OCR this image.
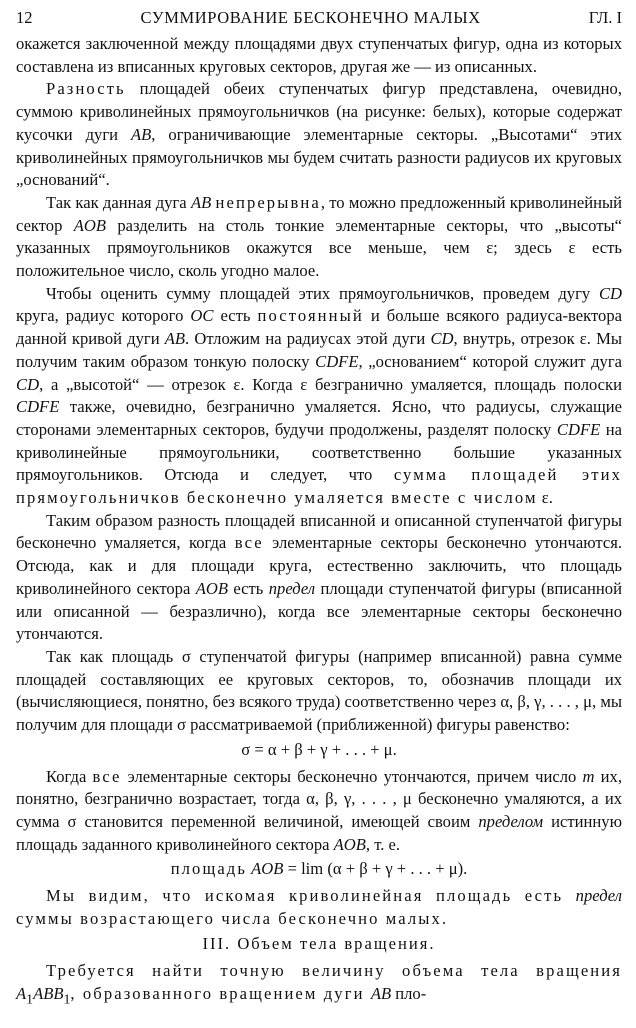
12	СУММИРОВАНИЕ БЕСКОНЕЧНО МАЛЫХ	ГЛ. I

окажется заключенной между площадями двух ступенчатых фигур, одна из которых составлена из вписанных круговых секторов, другая же — из описанных.

Разность площадей обеих ступенчатых фигур представлена, очевидно, суммою криволинейных прямоугольничков (на рисунке: белых), которые содержат кусочки дуги AB, ограничивающие элементарные секторы. „Высотами“ этих криволинейных прямоугольничков мы будем считать разности радиусов их круговых „оснований“.

Так как данная дуга AB непрерывна, то можно предложенный криволинейный сектор AOB разделить на столь тонкие элементарные секторы, что „высоты“ указанных прямоугольников окажутся все меньше, чем ε; здесь ε есть положительное число, сколь угодно малое.

Чтобы оценить сумму площадей этих прямоугольничков, проведем дугу CD круга, радиус которого OC есть постоянный и больше всякого радиуса-вектора данной кривой дуги AB. Отложим на радиусах этой дуги CD, внутрь, отрезок ε. Мы получим таким образом тонкую полоску CDFE, „основанием“ которой служит дуга CD, а „высотой“ — отрезок ε. Когда ε безгранично умаляется, площадь полоски CDFE также, очевидно, безгранично умаляется. Ясно, что радиусы, служащие сторонами элементарных секторов, будучи продолжены, разделят полоску CDFE на криволинейные прямоугольники, соответственно большие указанных прямоугольников. Отсюда и следует, что сумма площадей этих прямоугольничков бесконечно умаляется вместе с числом ε.

Таким образом разность площадей вписанной и описанной ступенчатой фигуры бесконечно умаляется, когда все элементарные секторы бесконечно утончаются. Отсюда, как и для площади круга, естественно заключить, что площадь криволинейного сектора AOB есть предел площади ступенчатой фигуры (вписанной или описанной — безразлично), когда все элементарные секторы бесконечно утончаются.

Так как площадь σ ступенчатой фигуры (например вписанной) равна сумме площадей составляющих ее круговых секторов, то, обозначив площади их (вычисляющиеся, понятно, без всякого труда) соответственно через α, β, γ, . . . , μ, мы получим для площади σ рассматриваемой (приближенной) фигуры равенство:

σ = α + β + γ + . . . + μ.

Когда все элементарные секторы бесконечно утончаются, причем число m их, понятно, безгранично возрастает, тогда α, β, γ, . . . , μ бесконечно умаляются, а их сумма σ становится переменной величиной, имеющей своим пределом истинную площадь заданного криволинейного сектора AOB, т. е.

площадь AOB = lim (α + β + γ + . . . + μ).

Мы видим, что искомая криволинейная площадь есть предел суммы возрастающего числа бесконечно малых.

III. Объем тела вращения.

Требуется найти точную величину объема тела вращения $A_1ABB_1$, образованного вращением дуги AB пло-
